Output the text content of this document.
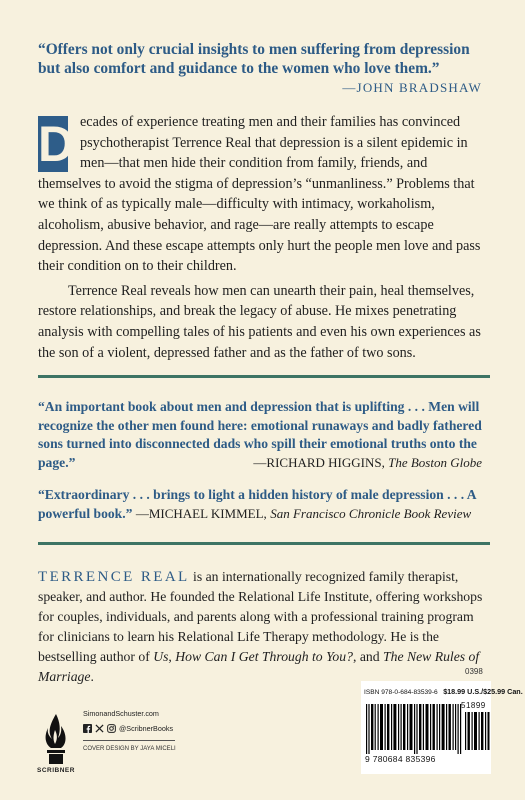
“Offers not only crucial insights to men suffering from depression but also comfort and guidance to the women who love them.”
—JOHN BRADSHAW

D ecades of experience treating men and their families has convinced psychotherapist Terrence Real that depression is a silent epidemic in men—that men hide their condition from family, friends, and themselves to avoid the stigma of depression’s “unmanliness.” Problems that we think of as typically male—difficulty with intimacy, workaholism, alcoholism, abusive behavior, and rage—are really attempts to escape depression. And these escape attempts only hurt the people men love and pass their condition on to their children.

Terrence Real reveals how men can unearth their pain, heal themselves, restore relationships, and break the legacy of abuse. He mixes penetrating analysis with compelling tales of his patients and even his own experiences as the son of a violent, depressed father and as the father of two sons.

“An important book about men and depression that is uplifting . . . Men will recognize the other men found here: emotional runaways and badly fathered sons turned into disconnected dads who spill their emotional truths onto the page.”	—RICHARD HIGGINS, The Boston Globe

“Extraordinary . . . brings to light a hidden history of male depression . . . A powerful book.” —MICHAEL KIMMEL, San Francisco Chronicle Book Review

TERRENCE REAL is an internationally recognized family therapist, speaker, and author. He founded the Relational Life Institute, offering workshops for couples, individuals, and parents along with a professional training program for clinicians to learn his Relational Life Therapy methodology. He is the bestselling author of Us, How Can I Get Through to You?, and The New Rules of Marriage.	0398
SCRIBNER
SimonandSchuster.com
@ScribnerBooks
COVER DESIGN BY JAYA MICELI
ISBN 978-0-684-83539-6 $18.99 U.S./$25.99 Can.
51899
9 780684 835396
